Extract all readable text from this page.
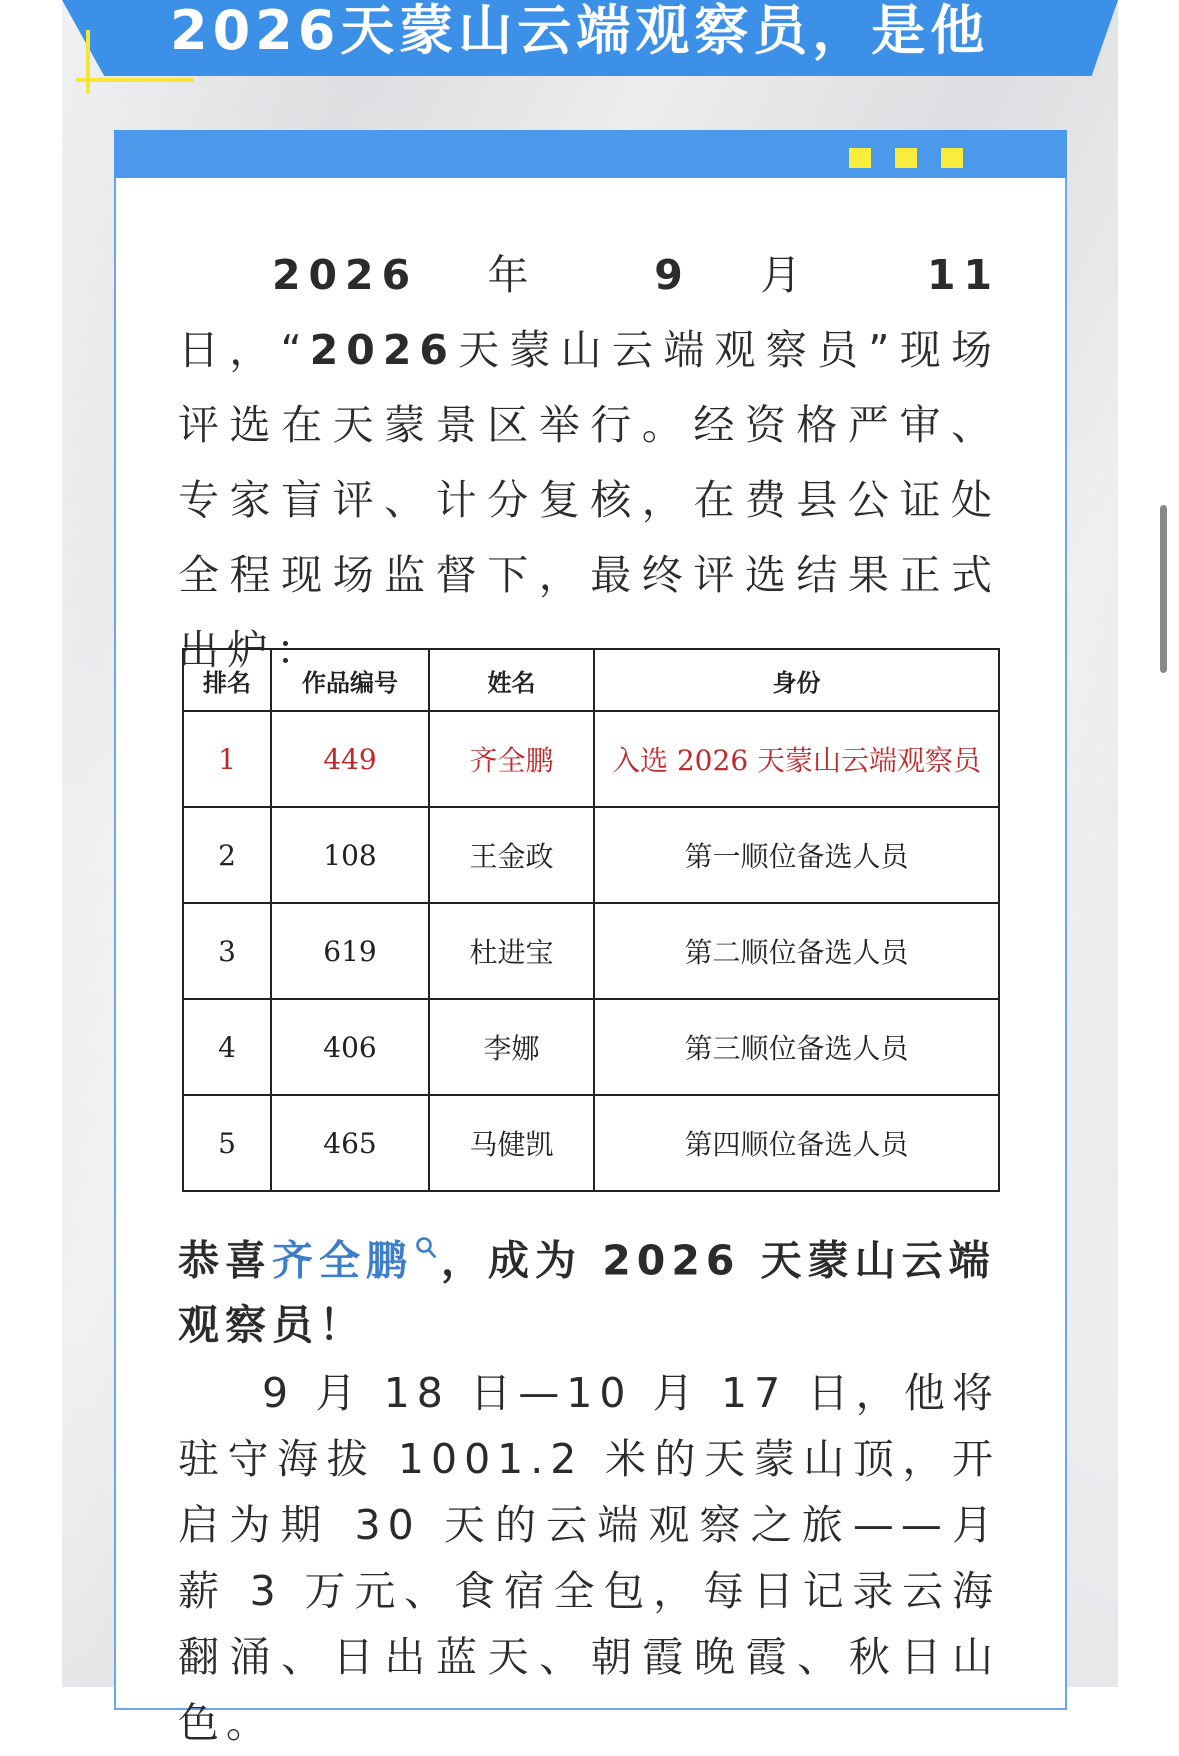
2026天蒙山云端观察员，是他

2026 年 9 月 11 日，“2026天蒙山云端观察员”现场评选在天蒙景区举行。经资格严审、专家盲评、计分复核，在费县公证处全程现场监督下，最终评选结果正式出炉：

排名	作品编号	姓名	身份
1	449	齐全鹏	入选 2026 天蒙山云端观察员
2	108	王金政	第一顺位备选人员
3	619	杜进宝	第二顺位备选人员
4	406	李娜	第三顺位备选人员
5	465	马健凯	第四顺位备选人员

恭喜齐全鹏 ，成为 2026 天蒙山云端观察员！

9 月 18 日—10 月 17 日，他将驻守海拔 1001.2 米的天蒙山顶，开启为期 30 天的云端观察之旅——月薪 3 万元、食宿全包，每日记录云海翻涌、日出蓝天、朝霞晚霞、秋日山色。
